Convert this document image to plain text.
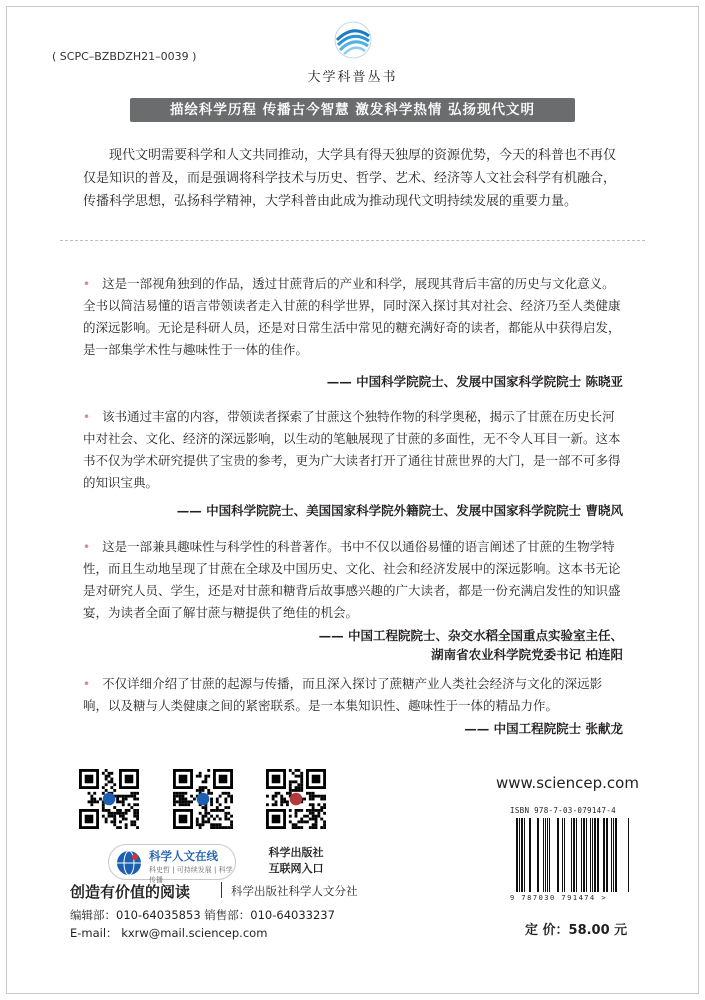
( SCPC–BZBDZH21–0039 )
大学科普丛书
描绘科学历程 传播古今智慧 激发科学热情 弘扬现代文明
现代文明需要科学和人文共同推动，大学具有得天独厚的资源优势，今天的科普也不再仅仅是知识的普及，而是强调将科学技术与历史、哲学、艺术、经济等人文社会科学有机融合，传播科学思想，弘扬科学精神，大学科普由此成为推动现代文明持续发展的重要力量。

• 这是一部视角独到的作品，透过甘蔗背后的产业和科学，展现其背后丰富的历史与文化意义。全书以简洁易懂的语言带领读者走入甘蔗的科学世界，同时深入探讨其对社会、经济乃至人类健康的深远影响。无论是科研人员，还是对日常生活中常见的糖充满好奇的读者，都能从中获得启发，是一部集学术性与趣味性于一体的佳作。

—— 中国科学院院士、发展中国家科学院院士 陈晓亚

• 该书通过丰富的内容，带领读者探索了甘蔗这个独特作物的科学奥秘，揭示了甘蔗在历史长河中对社会、文化、经济的深远影响，以生动的笔触展现了甘蔗的多面性，无不令人耳目一新。这本书不仅为学术研究提供了宝贵的参考，更为广大读者打开了通往甘蔗世界的大门，是一部不可多得的知识宝典。

—— 中国科学院院士、美国国家科学院外籍院士、发展中国家科学院院士 曹晓风

• 这是一部兼具趣味性与科学性的科普著作。书中不仅以通俗易懂的语言阐述了甘蔗的生物学特性，而且生动地呈现了甘蔗在全球及中国历史、文化、社会和经济发展中的深远影响。这本书无论是对研究人员、学生，还是对甘蔗和糖背后故事感兴趣的广大读者，都是一份充满启发性的知识盛宴，为读者全面了解甘蔗与糖提供了绝佳的机会。

—— 中国工程院院士、杂交水稻全国重点实验室主任、
湖南省农业科学院党委书记 柏连阳

• 不仅详细介绍了甘蔗的起源与传播，而且深入探讨了蔗糖产业人类社会经济与文化的深远影响，以及糖与人类健康之间的紧密联系。是一本集知识性、趣味性于一体的精品力作。

—— 中国工程院院士 张献龙
科学人文在线
科史哲 | 可持续发展 | 科学传播
科学出版社
互联网入口
创造有价值的阅读	科学出版社科学人文分社
编辑部：010-64035853 销售部：010-64033237
E-mail： kxrw@mail.sciencep.com
www.sciencep.com
ISBN 978-7-03-079147-4
9 787030 791474 >
定 价：58.00 元
